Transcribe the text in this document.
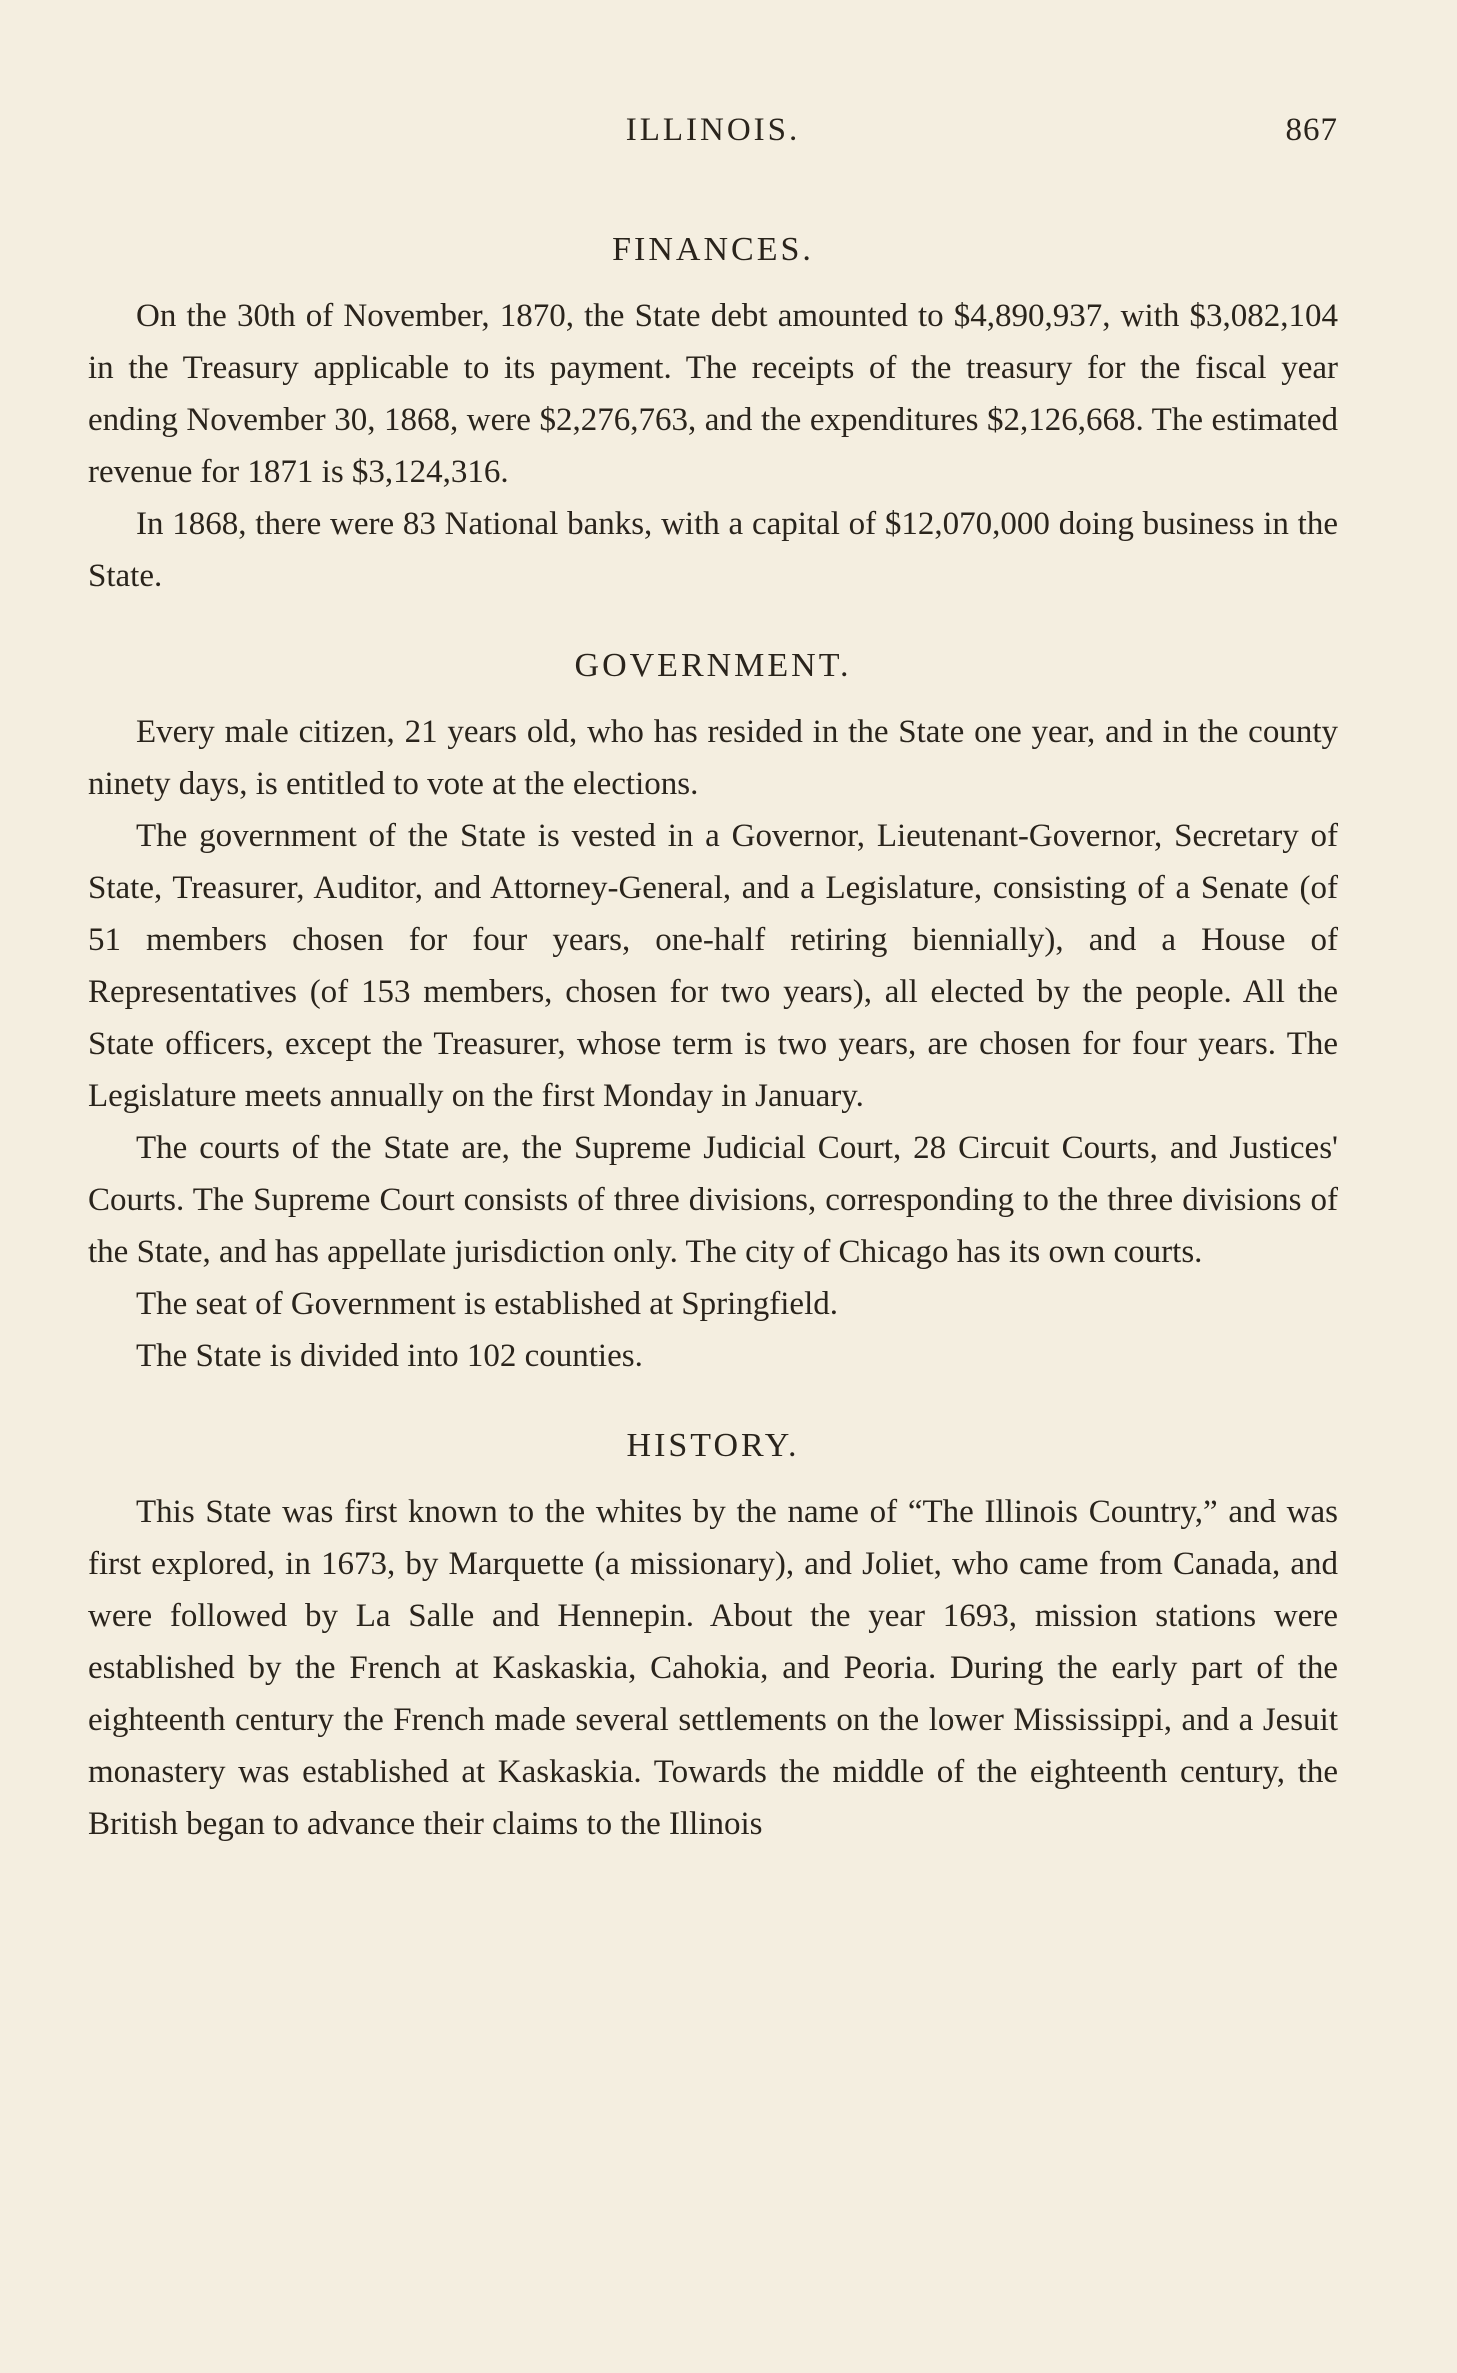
ILLINOIS.	867
FINANCES.

On the 30th of November, 1870, the State debt amounted to $4,890,937, with $3,082,104 in the Treasury applicable to its payment. The receipts of the treasury for the fiscal year ending November 30, 1868, were $2,276,763, and the expenditures $2,126,668. The estimated revenue for 1871 is $3,124,316.

In 1868, there were 83 National banks, with a capital of $12,070,000 doing business in the State.

GOVERNMENT.

Every male citizen, 21 years old, who has resided in the State one year, and in the county ninety days, is entitled to vote at the elections.

The government of the State is vested in a Governor, Lieutenant-Governor, Secretary of State, Treasurer, Auditor, and Attorney-General, and a Legislature, consisting of a Senate (of 51 members chosen for four years, one-half retiring biennially), and a House of Representatives (of 153 members, chosen for two years), all elected by the people. All the State officers, except the Treasurer, whose term is two years, are chosen for four years. The Legislature meets annually on the first Monday in January.

The courts of the State are, the Supreme Judicial Court, 28 Circuit Courts, and Justices' Courts. The Supreme Court consists of three divisions, corresponding to the three divisions of the State, and has appellate jurisdiction only. The city of Chicago has its own courts.

The seat of Government is established at Springfield.

The State is divided into 102 counties.

HISTORY.

This State was first known to the whites by the name of “The Illinois Country,” and was first explored, in 1673, by Marquette (a missionary), and Joliet, who came from Canada, and were followed by La Salle and Hennepin. About the year 1693, mission stations were established by the French at Kaskaskia, Cahokia, and Peoria. During the early part of the eighteenth century the French made several settlements on the lower Mississippi, and a Jesuit monastery was established at Kaskaskia. Towards the middle of the eighteenth century, the British began to advance their claims to the Illinois
